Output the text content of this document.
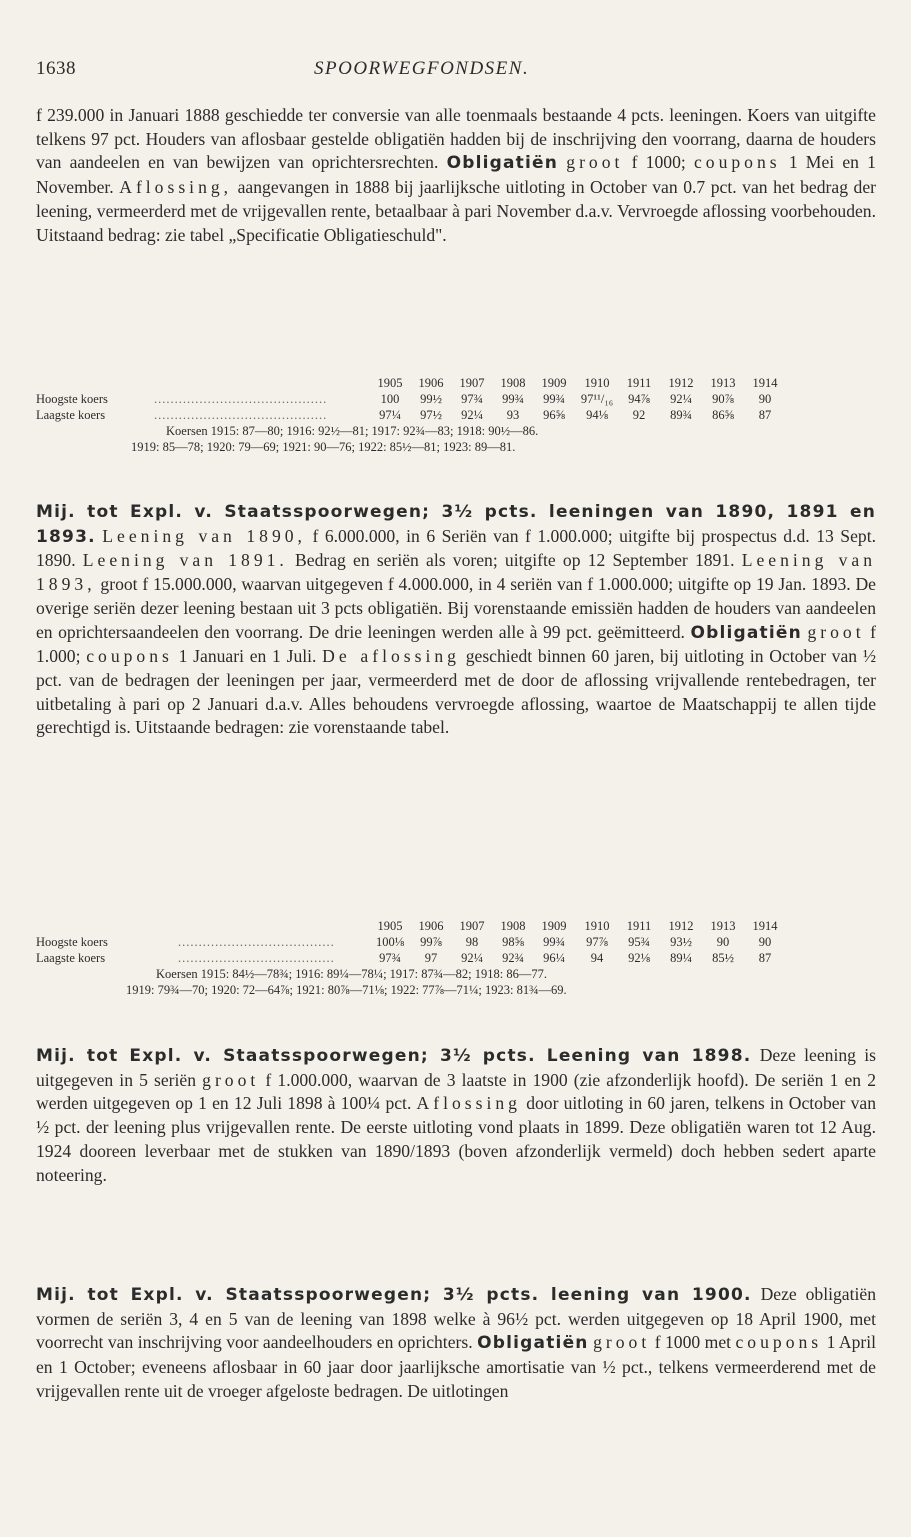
1638	SPOORWEGFONDSEN.

f 239.000 in Januari 1888 geschiedde ter conversie van alle toenmaals bestaande 4 pcts. leeningen. Koers van uitgifte telkens 97 pct. Houders van aflosbaar gestelde obligatiën hadden bij de inschrijving den voorrang, daarna de houders van aandeelen en van bewijzen van oprichtersrechten. Obligatiën groot f 1000; coupons 1 Mei en 1 November. Aflossing, aangevangen in 1888 bij jaarlijksche uitloting in October van 0.7 pct. van het bedrag der leening, vermeerderd met de vrijgevallen rente, betaalbaar à pari November d.a.v. Vervroegde aflossing voorbehouden. Uitstaand bedrag: zie tabel „Specificatie Obligatieschuld".

1905	1906	1907	1908	1909	1910	1911	1912	1913	1914
Hoogste koers	..........................................	100	99½	97¾	99¾	99¾	97¹¹/₁₆	94⅞	92¼	90⅞	90
Laagste koers	..........................................	97¼	97½	92¼	93	96⅝	94⅛	92	89¾	86⅝	87
Koersen 1915: 87—80; 1916: 92½—81; 1917: 92¾—83; 1918: 90½—86.
1919: 85—78; 1920: 79—69; 1921: 90—76; 1922: 85½—81; 1923: 89—81.

Mij. tot Expl. v. Staatsspoorwegen; 3½ pcts. leeningen van 1890, 1891 en 1893. Leening van 1890, f 6.000.000, in 6 Seriën van f 1.000.000; uitgifte bij prospectus d.d. 13 Sept. 1890. Leening van 1891. Bedrag en seriën als voren; uitgifte op 12 September 1891. Leening van 1893, groot f 15.000.000, waarvan uitgegeven f 4.000.000, in 4 seriën van f 1.000.000; uitgifte op 19 Jan. 1893. De overige seriën dezer leening bestaan uit 3 pcts obligatiën. Bij vorenstaande emissiën hadden de houders van aandeelen en oprichtersaandeelen den voorrang. De drie leeningen werden alle à 99 pct. geëmitteerd. Obligatiën groot f 1.000; coupons 1 Januari en 1 Juli. De aflossing geschiedt binnen 60 jaren, bij uitloting in October van ½ pct. van de bedragen der leeningen per jaar, vermeerderd met de door de aflossing vrijvallende rentebedragen, ter uitbetaling à pari op 2 Januari d.a.v. Alles behoudens vervroegde aflossing, waartoe de Maatschappij te allen tijde gerechtigd is. Uitstaande bedragen: zie vorenstaande tabel.

1905	1906	1907	1908	1909	1910	1911	1912	1913	1914
Hoogste koers	......................................	100⅛	99⅞	98	98⅝	99¾	97⅞	95¾	93½	90	90
Laagste koers	......................................	97¾	97	92¼	92¾	96¼	94	92⅛	89¼	85½	87
Koersen 1915: 84½—78¾; 1916: 89¼—78¼; 1917: 87¾—82; 1918: 86—77.
1919: 79¾—70; 1920: 72—64⅞; 1921: 80⅞—71⅛; 1922: 77⅞—71¼; 1923: 81¾—69.

Mij. tot Expl. v. Staatsspoorwegen; 3½ pcts. Leening van 1898. Deze leening is uitgegeven in 5 seriën groot f 1.000.000, waarvan de 3 laatste in 1900 (zie afzonderlijk hoofd). De seriën 1 en 2 werden uitgegeven op 1 en 12 Juli 1898 à 100¼ pct. Aflossing door uitloting in 60 jaren, telkens in October van ½ pct. der leening plus vrijgevallen rente. De eerste uitloting vond plaats in 1899. Deze obligatiën waren tot 12 Aug. 1924 dooreen leverbaar met de stukken van 1890/1893 (boven afzonderlijk vermeld) doch hebben sedert aparte noteering.

Mij. tot Expl. v. Staatsspoorwegen; 3½ pcts. leening van 1900. Deze obligatiën vormen de seriën 3, 4 en 5 van de leening van 1898 welke à 96½ pct. werden uitgegeven op 18 April 1900, met voorrecht van inschrijving voor aandeelhouders en oprichters. Obligatiën groot f 1000 met coupons 1 April en 1 October; eveneens aflosbaar in 60 jaar door jaarlijksche amortisatie van ½ pct., telkens vermeerderend met de vrijgevallen rente uit de vroeger afgeloste bedragen. De uitlotingen
